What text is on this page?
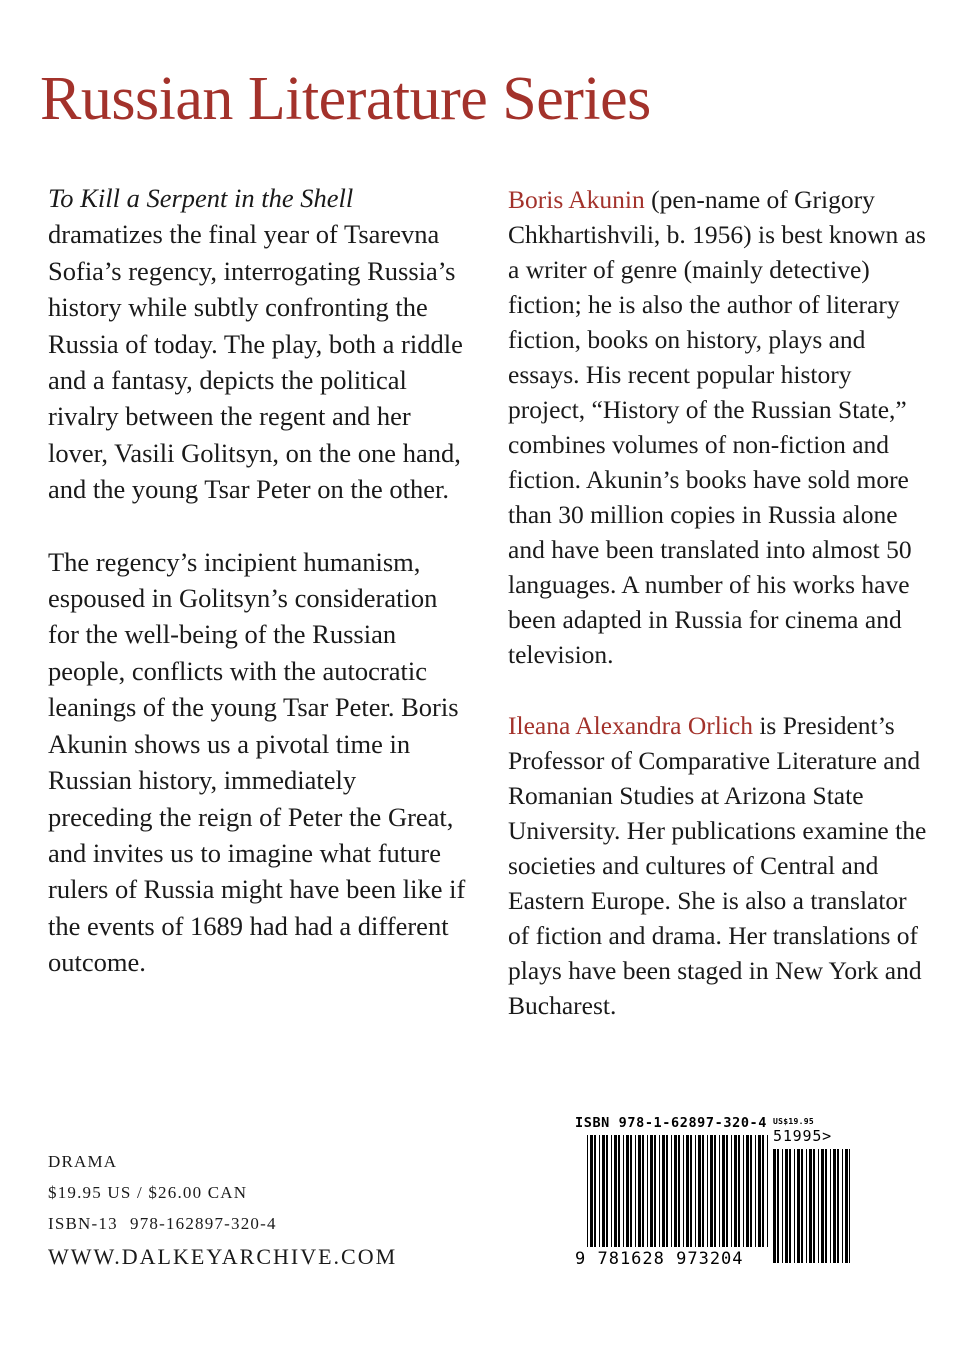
Russian Literature Series

To Kill a Serpent in the Shell
dramatizes the final year of Tsarevna Sofia’s regency, interrogating Russia’s history while subtly confronting the Russia of today. The play, both a riddle and a fantasy, depicts the political rivalry between the regent and her lover, Vasili Golitsyn, on the one hand, and the young Tsar Peter on the other.

The regency’s incipient humanism, espoused in Golitsyn’s consideration for the well-being of the Russian people, conflicts with the autocratic leanings of the young Tsar Peter. Boris Akunin shows us a pivotal time in Russian history, immediately preceding the reign of Peter the Great, and invites us to imagine what future rulers of Russia might have been like if the events of 1689 had had a different outcome.

Boris Akunin (pen-name of Grigory Chkhartishvili, b. 1956) is best known as a writer of genre (mainly detective) fiction; he is also the author of literary fiction, books on history, plays and essays. His recent popular history project, “History of the Russian State,” combines volumes of non-fiction and fiction. Akunin’s books have sold more than 30 million copies in Russia alone and have been translated into almost 50 languages. A number of his works have been adapted in Russia for cinema and television.

Ileana Alexandra Orlich is President’s Professor of Comparative Literature and Romanian Studies at Arizona State University. Her publications examine the societies and cultures of Central and Eastern Europe. She is also a translator of fiction and drama. Her translations of plays have been staged in New York and Bucharest.

DRAMA
$19.95 US / $26.00 CAN
ISBN-13 978-162897-320-4
WWW.DALKEYARCHIVE.COM
ISBN 978-1-62897-320-4 US$19.95
51995>
9 781628 973204
